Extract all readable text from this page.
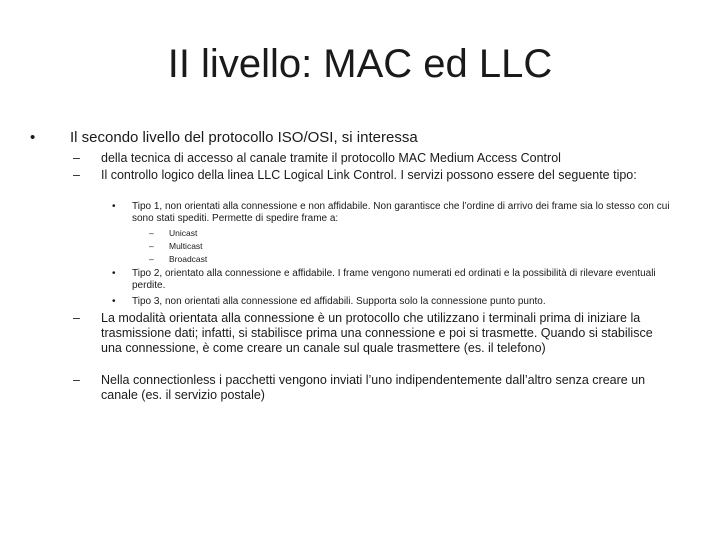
II livello: MAC ed LLC
•	Il secondo livello del protocollo ISO/OSI, si interessa
–	della tecnica di accesso al canale tramite il protocollo MAC Medium Access Control
–	Il controllo logico della linea LLC Logical Link Control. I servizi possono essere del seguente tipo:
•	Tipo 1, non orientati alla connessione e non affidabile. Non garantisce che l’ordine di arrivo dei frame sia lo stesso con cui sono stati spediti. Permette di spedire frame a:
–	Unicast
–	Multicast
–	Broadcast
•	Tipo 2, orientato alla connessione e affidabile. I frame vengono numerati ed ordinati e la possibilità di rilevare eventuali perdite.
•	Tipo 3, non orientati alla connessione ed affidabili. Supporta solo la connessione punto punto.
–	La modalità orientata alla connessione è un protocollo che utilizzano i terminali prima di iniziare la trasmissione dati; infatti, si stabilisce prima una connessione e poi si trasmette. Quando si stabilisce una connessione, è come creare un canale sul quale trasmettere (es. il telefono)
–	Nella connectionless i pacchetti vengono inviati l’uno indipendentemente dall’altro senza creare un canale (es. il servizio postale)
